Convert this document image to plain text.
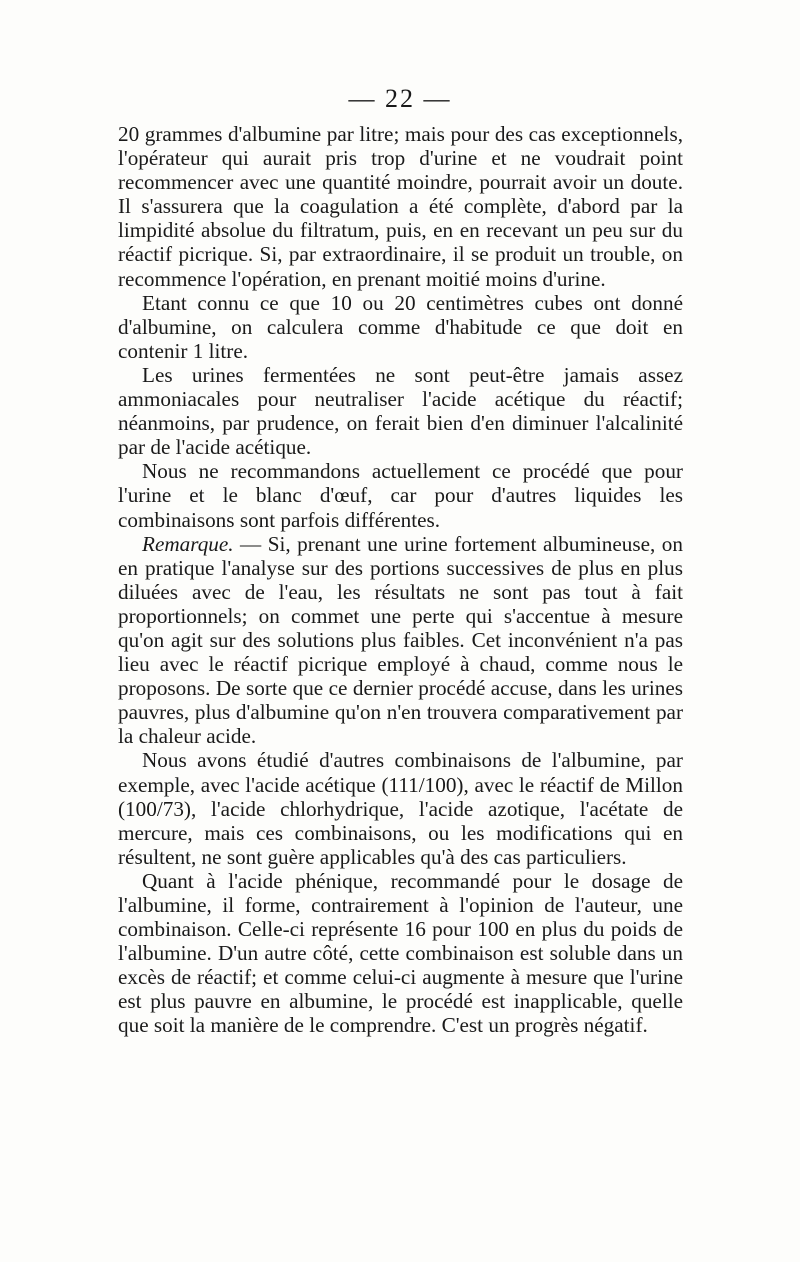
— 22 —

20 grammes d'albumine par litre; mais pour des cas exceptionnels, l'opérateur qui aurait pris trop d'urine et ne voudrait point recommencer avec une quantité moindre, pourrait avoir un doute. Il s'assurera que la coagulation a été complète, d'abord par la limpidité absolue du filtratum, puis, en en recevant un peu sur du réactif picrique. Si, par extraordinaire, il se produit un trouble, on recommence l'opération, en prenant moitié moins d'urine.

Etant connu ce que 10 ou 20 centimètres cubes ont donné d'albumine, on calculera comme d'habitude ce que doit en contenir 1 litre.

Les urines fermentées ne sont peut-être jamais assez ammoniacales pour neutraliser l'acide acétique du réactif; néanmoins, par prudence, on ferait bien d'en diminuer l'alcalinité par de l'acide acétique.

Nous ne recommandons actuellement ce procédé que pour l'urine et le blanc d'œuf, car pour d'autres liquides les combinaisons sont parfois différentes.

Remarque. — Si, prenant une urine fortement albumineuse, on en pratique l'analyse sur des portions successives de plus en plus diluées avec de l'eau, les résultats ne sont pas tout à fait proportionnels; on commet une perte qui s'accentue à mesure qu'on agit sur des solutions plus faibles. Cet inconvénient n'a pas lieu avec le réactif picrique employé à chaud, comme nous le proposons. De sorte que ce dernier procédé accuse, dans les urines pauvres, plus d'albumine qu'on n'en trouvera comparativement par la chaleur acide.

Nous avons étudié d'autres combinaisons de l'albumine, par exemple, avec l'acide acétique (111/100), avec le réactif de Millon (100/73), l'acide chlorhydrique, l'acide azotique, l'acétate de mercure, mais ces combinaisons, ou les modifications qui en résultent, ne sont guère applicables qu'à des cas particuliers.

Quant à l'acide phénique, recommandé pour le dosage de l'albumine, il forme, contrairement à l'opinion de l'auteur, une combinaison. Celle-ci représente 16 pour 100 en plus du poids de l'albumine. D'un autre côté, cette combinaison est soluble dans un excès de réactif; et comme celui-ci augmente à mesure que l'urine est plus pauvre en albumine, le procédé est inapplicable, quelle que soit la manière de le comprendre. C'est un progrès négatif.
